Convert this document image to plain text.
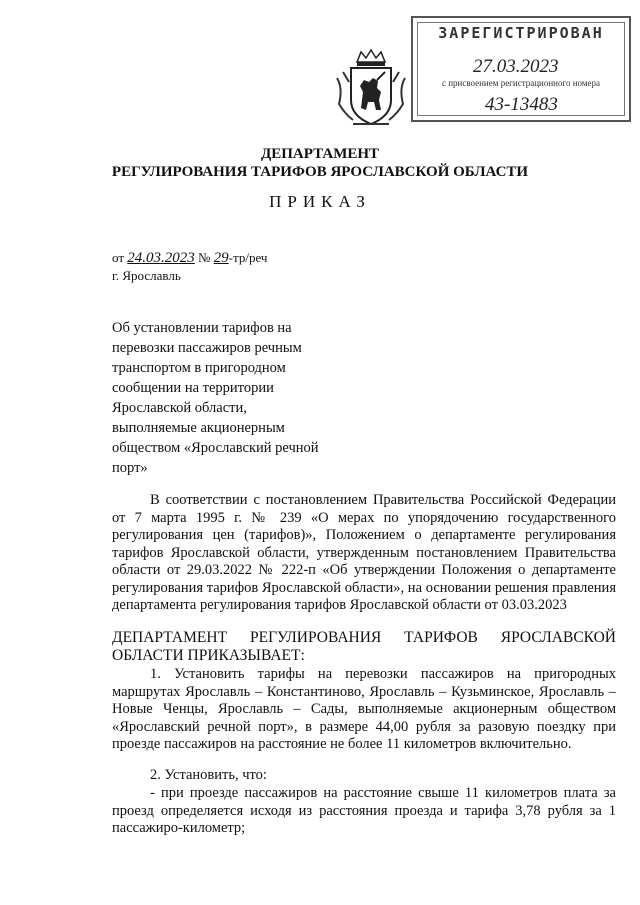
ЗАРЕГИСТРИРОВАН
27.03.2023
с присвоением регистрационного номера
43-13483
ДЕПАРТАМЕНТ
РЕГУЛИРОВАНИЯ ТАРИФОВ ЯРОСЛАВСКОЙ ОБЛАСТИ
ПРИКАЗ
от 24.03.2023 № 29-тр/реч
г. Ярославль
Об установлении тарифов на перевозки пассажиров речным транспортом в пригородном сообщении на территории Ярославской области, выполняемые акционерным обществом «Ярославский речной порт»
В соответствии с постановлением Правительства Российской Федерации от 7 марта 1995 г. № 239 «О мерах по упорядочению государственного регулирования цен (тарифов)», Положением о департаменте регулирования тарифов Ярославской области, утвержденным постановлением Правительства области от 29.03.2022 № 222-п «Об утверждении Положения о департаменте регулирования тарифов Ярославской области», на основании решения правления департамента регулирования тарифов Ярославской области от 03.03.2023
ДЕПАРТАМЕНТ РЕГУЛИРОВАНИЯ ТАРИФОВ ЯРОСЛАВСКОЙ ОБЛАСТИ ПРИКАЗЫВАЕТ:
1. Установить тарифы на перевозки пассажиров на пригородных маршрутах Ярославль – Константиново, Ярославль – Кузьминское, Ярославль – Новые Ченцы, Ярославль – Сады, выполняемые акционерным обществом «Ярославский речной порт», в размере 44,00 рубля за разовую поездку при проезде пассажиров на расстояние не более 11 километров включительно.
2. Установить, что:
- при проезде пассажиров на расстояние свыше 11 километров плата за проезд определяется исходя из расстояния проезда и тарифа 3,78 рубля за 1 пассажиро-километр;
